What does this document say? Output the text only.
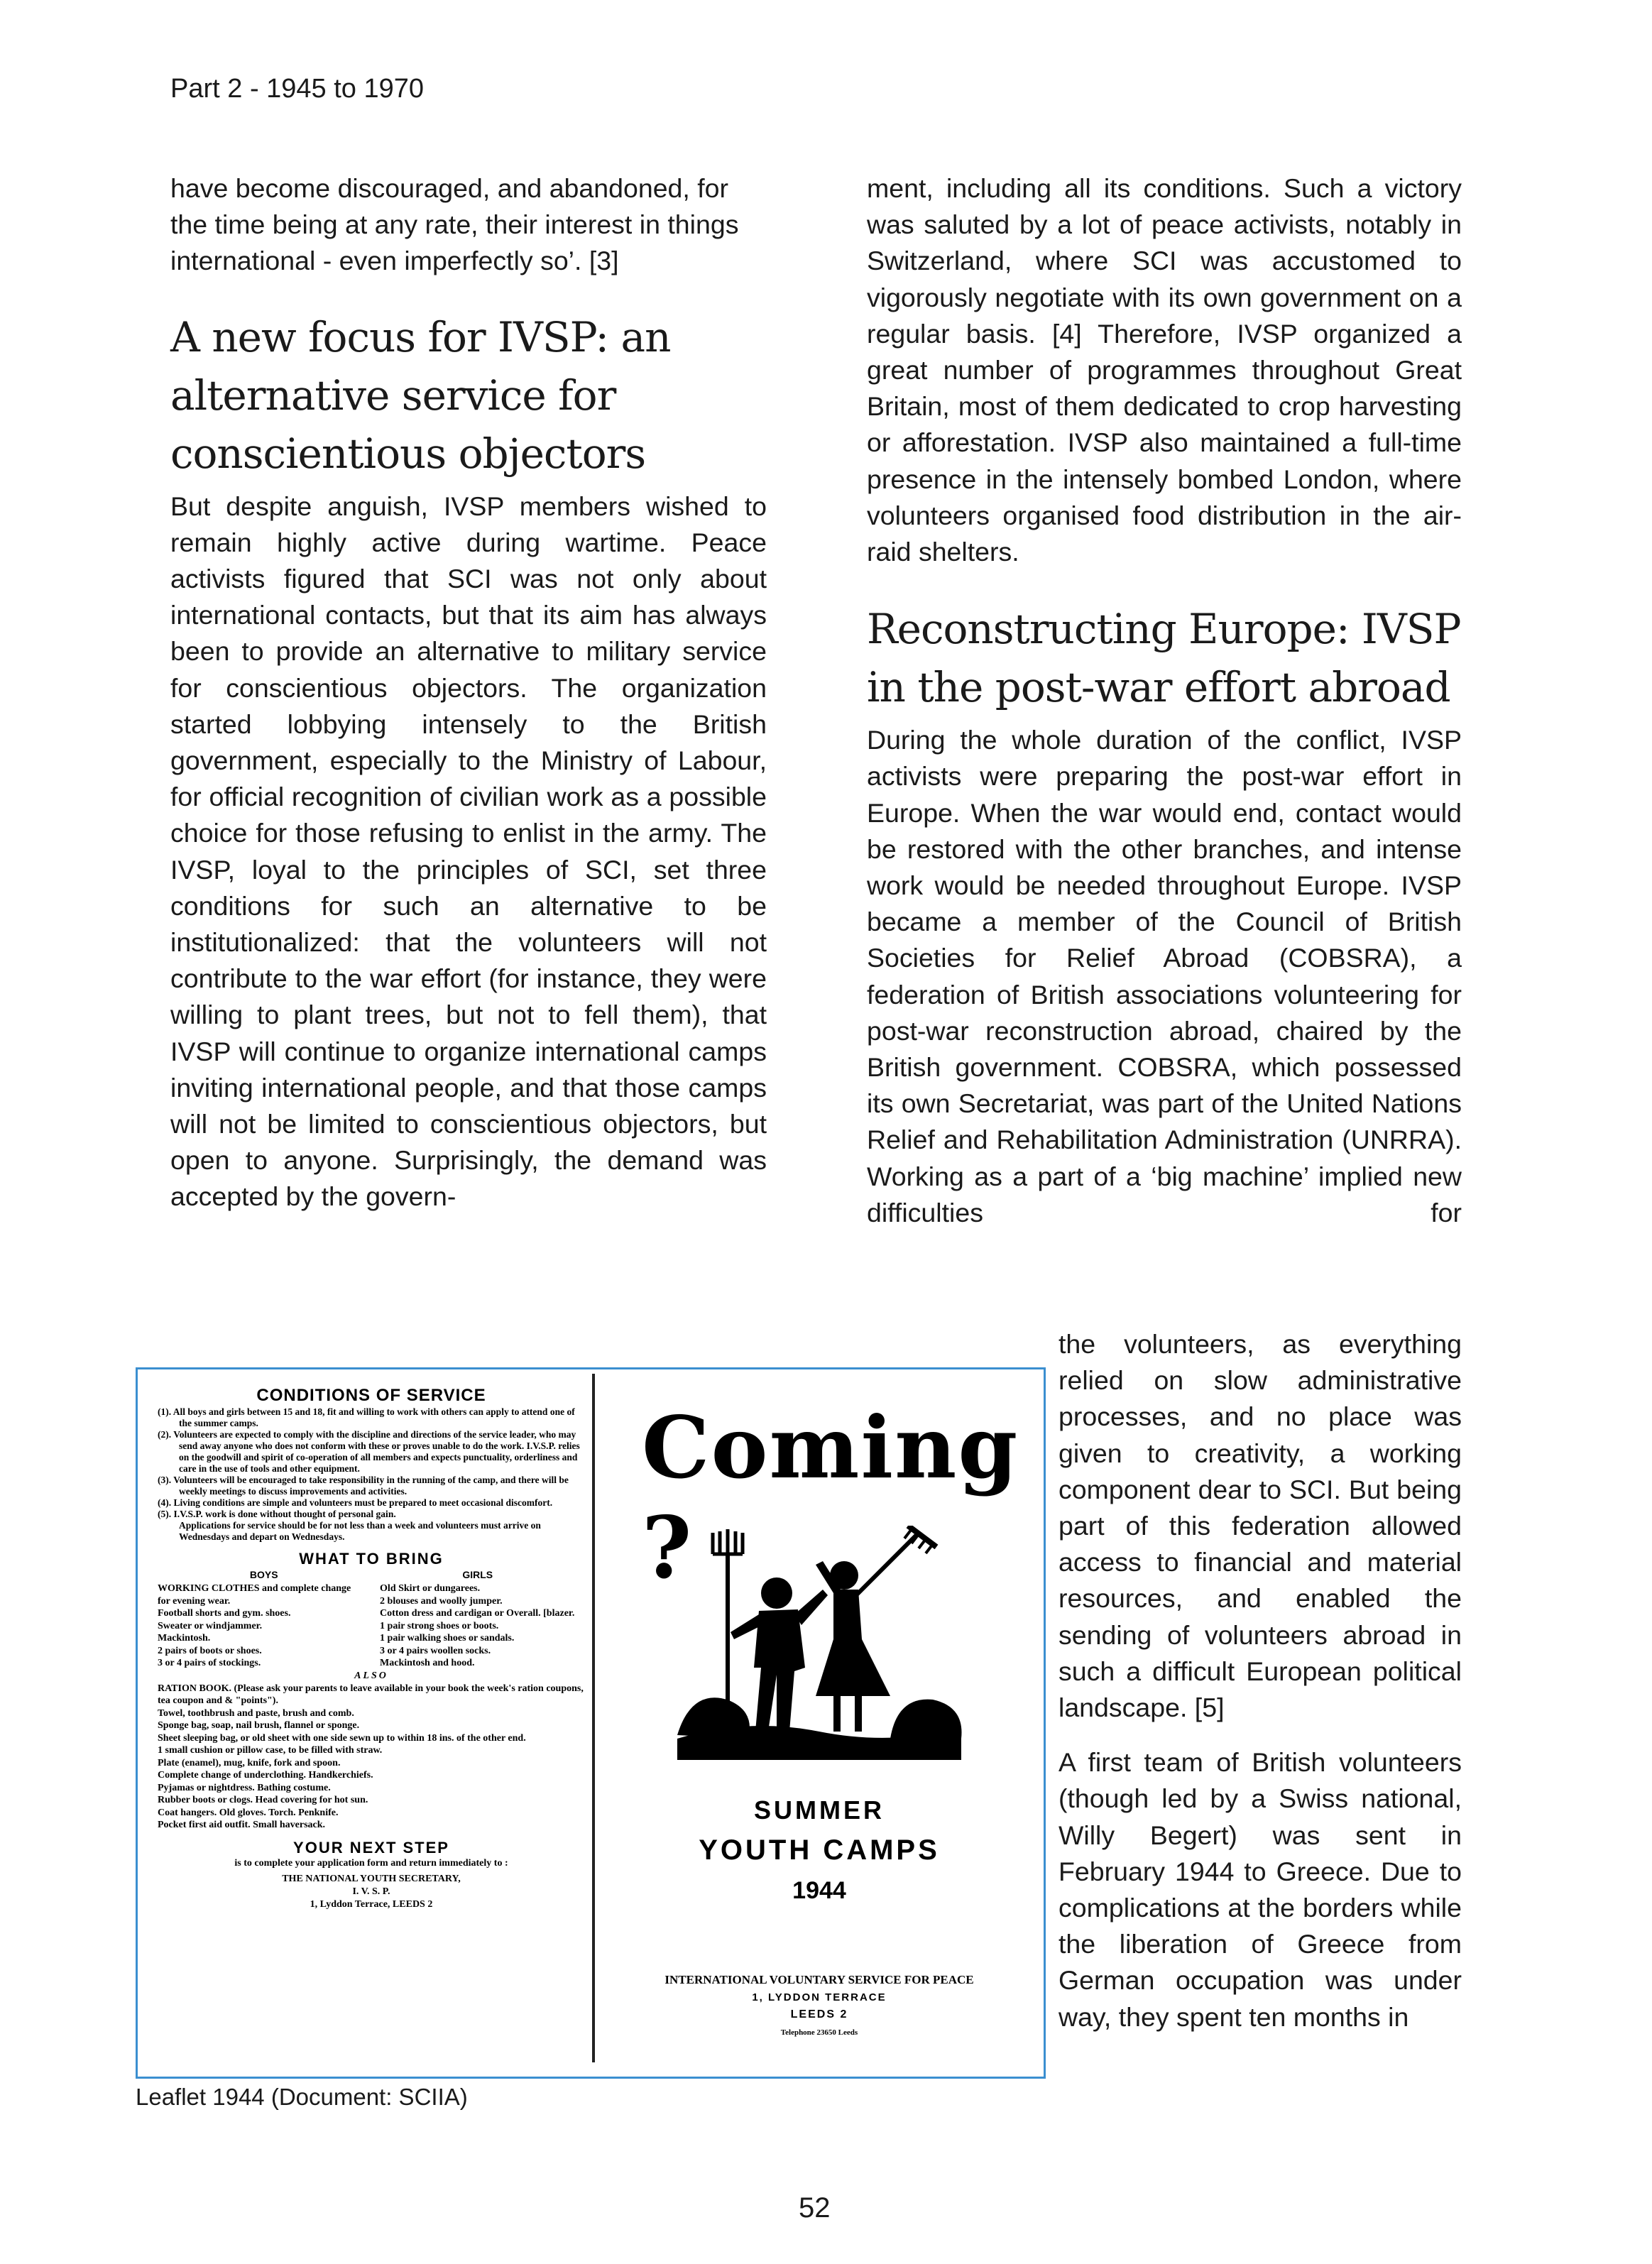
Part 2 - 1945 to 1970

have become discouraged, and abandoned, for the time being at any rate, their interest in things international - even imperfectly so’. [3]

A new focus for IVSP: an alternative service for conscientious objectors

But despite anguish, IVSP members wished to remain highly active during wartime. Peace activists figured that SCI was not only about international contacts, but that its aim has always been to provide an alternative to military service for conscientious objectors. The organization started lobbying intensely to the British government, especially to the Ministry of Labour, for official recognition of civilian work as a possible choice for those refusing to enlist in the army. The IVSP, loyal to the principles of SCI, set three conditions for such an alternative to be institutionalized: that the volunteers will not contribute to the war effort (for instance, they were willing to plant trees, but not to fell them), that IVSP will continue to organize international camps inviting international people, and that those camps will not be limited to conscientious objectors, but open to anyone. Surprisingly, the demand was accepted by the govern-

ment, including all its conditions. Such a victory was saluted by a lot of peace activists, notably in Switzerland, where SCI was accustomed to vigorously negotiate with its own government on a regular basis. [4] Therefore, IVSP organized a great number of programmes throughout Great Britain, most of them dedicated to crop harvesting or afforestation. IVSP also maintained a full-time presence in the intensely bombed London, where volunteers organised food distribution in the air-raid shelters.

Reconstructing Europe: IVSP in the post-war effort abroad

During the whole duration of the conflict, IVSP activists were preparing the post-war effort in Europe. When the war would end, contact would be restored with the other branches, and intense work would be needed throughout Europe. IVSP became a member of the Council of British Societies for Relief Abroad (COBSRA), a federation of British associations volunteering for post-war reconstruction abroad, chaired by the British government. COBSRA, which possessed its own Secretariat, was part of the United Nations Relief and Rehabilitation Administration (UNRRA). Working as a part of a ‘big machine’ implied new difficulties for

the volunteers, as everything relied on slow administrative processes, and no place was given to creativity, a working component dear to SCI. But being part of this federation allowed access to financial and material resources, and enabled the sending of volunteers abroad in such a difficult European political landscape. [5]

A first team of British volunteers (though led by a Swiss national, Willy Begert) was sent in February 1944 to Greece. Due to complications at the borders while the liberation of Greece from German occupation was under way, they spent ten months in

CONDITIONS OF SERVICE

(1). All boys and girls between 15 and 18, fit and willing to work with others can apply to attend one of the summer camps.

(2). Volunteers are expected to comply with the discipline and directions of the service leader, who may send away anyone who does not conform with these or proves unable to do the work. I.V.S.P. relies on the goodwill and spirit of co-operation of all members and expects punctuality, orderliness and care in the use of tools and other equipment.

(3). Volunteers will be encouraged to take responsibility in the running of the camp, and there will be weekly meetings to discuss improvements and activities.

(4). Living conditions are simple and volunteers must be prepared to meet occasional discomfort.

(5). I.V.S.P. work is done without thought of personal gain.

Applications for service should be for not less than a week and volunteers must arrive on Wednesdays and depart on Wednesdays.

WHAT TO BRING
BOYS	GIRLS

WORKING CLOTHES and complete change for evening wear.

Football shorts and gym. shoes.

Sweater or windjammer.

Mackintosh.

2 pairs of boots or shoes.

3 or 4 pairs of stockings.

Old Skirt or dungarees.

2 blouses and woolly jumper.

Cotton dress and cardigan or Overall. [blazer.

1 pair strong shoes or boots.

1 pair walking shoes or sandals.

3 or 4 pairs woollen socks.

Mackintosh and hood.

ALSO

RATION BOOK. (Please ask your parents to leave available in your book the week's ration coupons, tea coupon and & "points").

Towel, toothbrush and paste, brush and comb.

Sponge bag, soap, nail brush, flannel or sponge.

Sheet sleeping bag, or old sheet with one side sewn up to within 18 ins. of the other end.

1 small cushion or pillow case, to be filled with straw.

Plate (enamel), mug, knife, fork and spoon.

Complete change of underclothing. Handkerchiefs.

Pyjamas or nightdress. Bathing costume.

Rubber boots or clogs. Head covering for hot sun.

Coat hangers. Old gloves. Torch. Penknife.

Pocket first aid outfit. Small haversack.

YOUR NEXT STEP
is to complete your application form and return immediately to :
THE NATIONAL YOUTH SECRETARY,
I. V. S. P.
1, Lyddon Terrace, LEEDS 2
Coming ?
SUMMER
YOUTH CAMPS
1944
INTERNATIONAL VOLUNTARY SERVICE FOR PEACE
1, LYDDON TERRACE
LEEDS 2
Telephone 23650 Leeds
Leaflet 1944 (Document: SCIIA)
52
